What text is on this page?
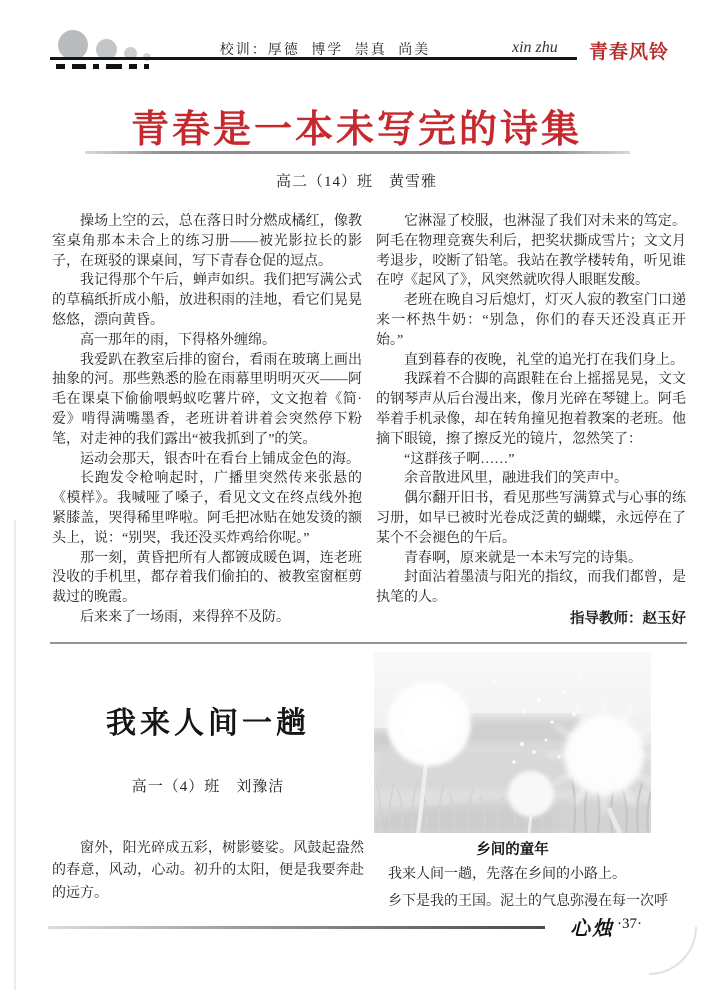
校训：厚德 博学 崇真 尚美	xin zhu 青春风铃
青春是一本未写完的诗集
高二（14）班　黄雪雅

操场上空的云，总在落日时分燃成橘红，像教室桌角那本未合上的练习册——被光影拉长的影子，在斑驳的课桌间，写下青春仓促的逗点。

我记得那个午后，蝉声如织。我们把写满公式的草稿纸折成小船，放进积雨的洼地，看它们晃晃悠悠，漂向黄昏。

高一那年的雨，下得格外缠绵。

我爱趴在教室后排的窗台，看雨在玻璃上画出抽象的河。那些熟悉的脸在雨幕里明明灭灭——阿毛在课桌下偷偷喂蚂蚁吃薯片碎，文文抱着《简·爱》啃得满嘴墨香，老班讲着讲着会突然停下粉笔，对走神的我们露出“被我抓到了”的笑。

运动会那天，银杏叶在看台上铺成金色的海。

长跑发令枪响起时，广播里突然传来张悬的《模样》。我喊哑了嗓子，看见文文在终点线外抱紧膝盖，哭得稀里哗啦。阿毛把冰贴在她发烫的额头上，说：“别哭，我还没买炸鸡给你呢。”

那一刻，黄昏把所有人都镀成暖色调，连老班没收的手机里，都存着我们偷拍的、被教室窗框剪裁过的晚霞。

后来来了一场雨，来得猝不及防。

它淋湿了校服，也淋湿了我们对未来的笃定。阿毛在物理竞赛失利后，把奖状撕成雪片；文文月考退步，咬断了铅笔。我站在教学楼转角，听见谁在哼《起风了》，风突然就吹得人眼眶发酸。

老班在晚自习后熄灯，灯灭人寂的教室门口递来一杯热牛奶：“别急，你们的春天还没真正开始。”

直到暮春的夜晚，礼堂的追光打在我们身上。

我踩着不合脚的高跟鞋在台上摇摇晃晃，文文的钢琴声从后台漫出来，像月光碎在琴键上。阿毛举着手机录像，却在转角撞见抱着教案的老班。他摘下眼镜，擦了擦反光的镜片，忽然笑了：

“这群孩子啊……”

余音散进风里，融进我们的笑声中。

偶尔翻开旧书，看见那些写满算式与心事的练习册，如早已被时光卷成泛黄的蝴蝶，永远停在了某个不会褪色的午后。

青春啊，原来就是一本未写完的诗集。

封面沾着墨渍与阳光的指纹，而我们都曾，是执笔的人。

指导教师：赵玉好

我来人间一趟
高一（4）班　刘豫洁

窗外，阳光碎成五彩，树影婆娑。风鼓起盎然的春意，风动，心动。初升的太阳，便是我要奔赴的远方。

乡间的童年

我来人间一趟，先落在乡间的小路上。

乡下是我的王国。泥土的气息弥漫在每一次呼

心烛 ·37·
